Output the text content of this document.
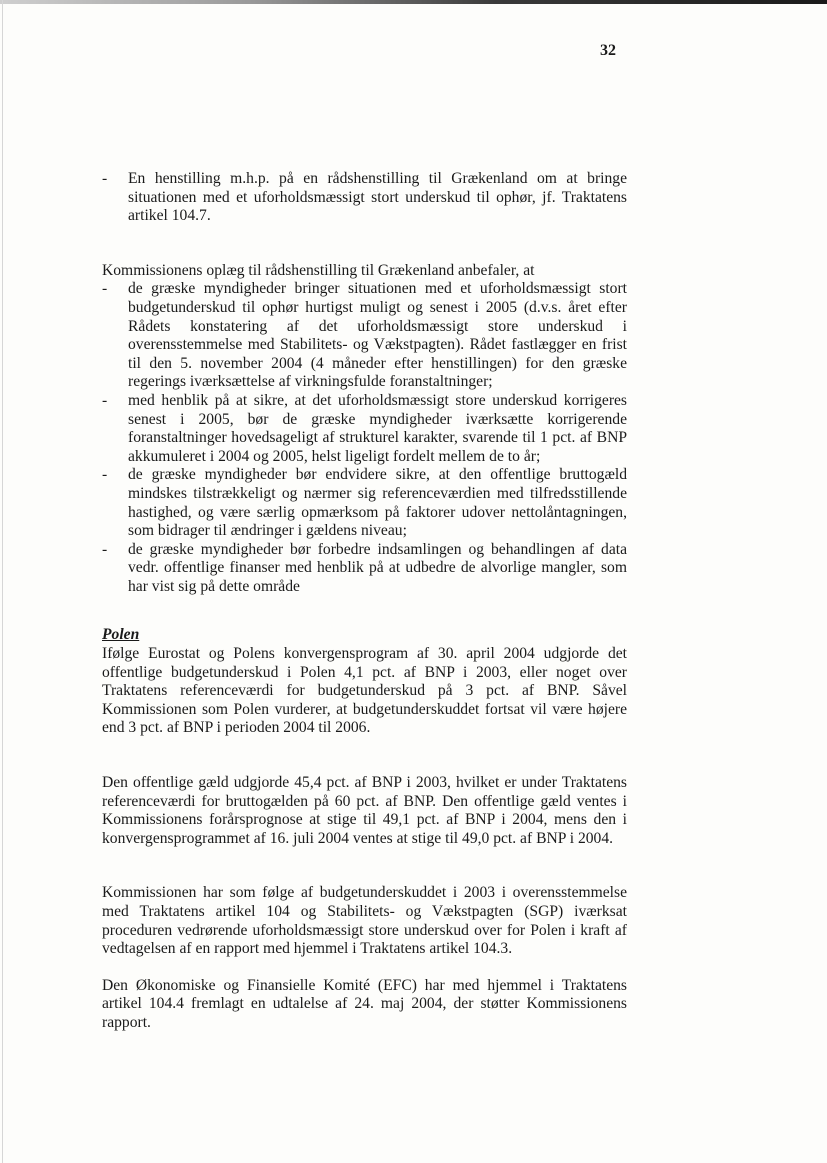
32
- En henstilling m.h.p. på en rådshenstilling til Grækenland om at bringe situationen med et uforholdsmæssigt stort underskud til ophør, jf. Traktatens artikel 104.7.

Kommissionens oplæg til rådshenstilling til Grækenland anbefaler, at

- de græske myndigheder bringer situationen med et uforholdsmæssigt stort budgetunderskud til ophør hurtigst muligt og senest i 2005 (d.v.s. året efter Rådets konstatering af det uforholdsmæssigt store underskud i overensstemmelse med Stabilitets- og Vækstpagten). Rådet fastlægger en frist til den 5. november 2004 (4 måneder efter henstillingen) for den græske regerings iværksættelse af virkningsfulde foranstaltninger;
- med henblik på at sikre, at det uforholdsmæssigt store underskud korrigeres senest i 2005, bør de græske myndigheder iværksætte korrigerende foranstaltninger hovedsageligt af strukturel karakter, svarende til 1 pct. af BNP akkumuleret i 2004 og 2005, helst ligeligt fordelt mellem de to år;
- de græske myndigheder bør endvidere sikre, at den offentlige bruttogæld mindskes tilstrækkeligt og nærmer sig referenceværdien med tilfredsstillende hastighed, og være særlig opmærksom på faktorer udover nettolåntagningen, som bidrager til ændringer i gældens niveau;
- de græske myndigheder bør forbedre indsamlingen og behandlingen af data vedr. offentlige finanser med henblik på at udbedre de alvorlige mangler, som har vist sig på dette område
Polen

Ifølge Eurostat og Polens konvergensprogram af 30. april 2004 udgjorde det offentlige budgetunderskud i Polen 4,1 pct. af BNP i 2003, eller noget over Traktatens referenceværdi for budgetunderskud på 3 pct. af BNP. Såvel Kommissionen som Polen vurderer, at budgetunderskuddet fortsat vil være højere end 3 pct. af BNP i perioden 2004 til 2006.

Den offentlige gæld udgjorde 45,4 pct. af BNP i 2003, hvilket er under Traktatens referenceværdi for bruttogælden på 60 pct. af BNP. Den offentlige gæld ventes i Kommissionens forårsprognose at stige til 49,1 pct. af BNP i 2004, mens den i konvergensprogrammet af 16. juli 2004 ventes at stige til 49,0 pct. af BNP i 2004.

Kommissionen har som følge af budgetunderskuddet i 2003 i overensstemmelse med Traktatens artikel 104 og Stabilitets- og Vækstpagten (SGP) iværksat proceduren vedrørende uforholdsmæssigt store underskud over for Polen i kraft af vedtagelsen af en rapport med hjemmel i Traktatens artikel 104.3.

Den Økonomiske og Finansielle Komité (EFC) har med hjemmel i Traktatens artikel 104.4 fremlagt en udtalelse af 24. maj 2004, der støtter Kommissionens rapport.
